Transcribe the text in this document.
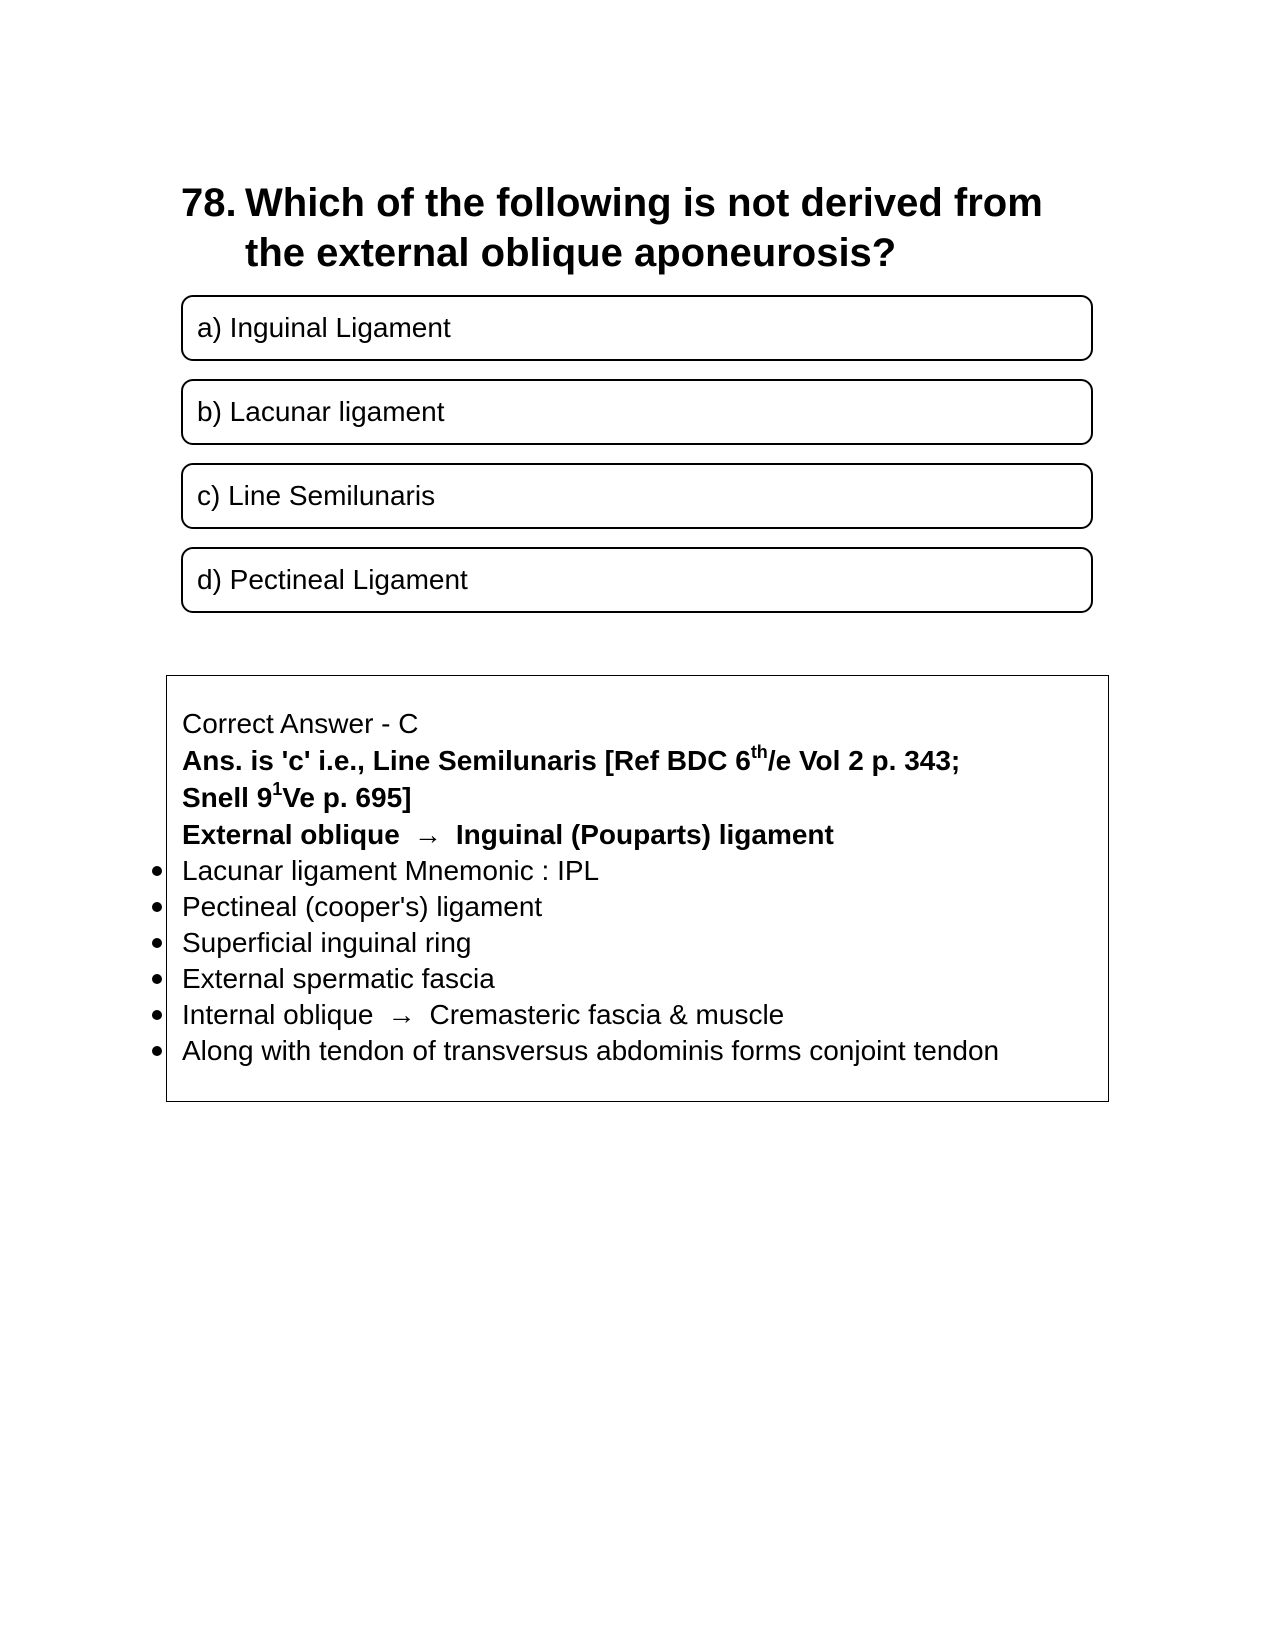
78. Which of the following is not derived from the external oblique aponeurosis?
a) Inguinal Ligament
b) Lacunar ligament
c) Line Semilunaris
d) Pectineal Ligament
Correct Answer - C
Ans. is 'c' i.e., Line Semilunaris [Ref BDC 6th/e Vol 2 p. 343;
Snell $9^1Ve$ p. 695]
External oblique → Inguinal (Pouparts) ligament
Lacunar ligament Mnemonic : IPL
Pectineal (cooper's) ligament
Superficial inguinal ring
External spermatic fascia
Internal oblique → Cremasteric fascia & muscle
Along with tendon of transversus abdominis forms conjoint tendon
